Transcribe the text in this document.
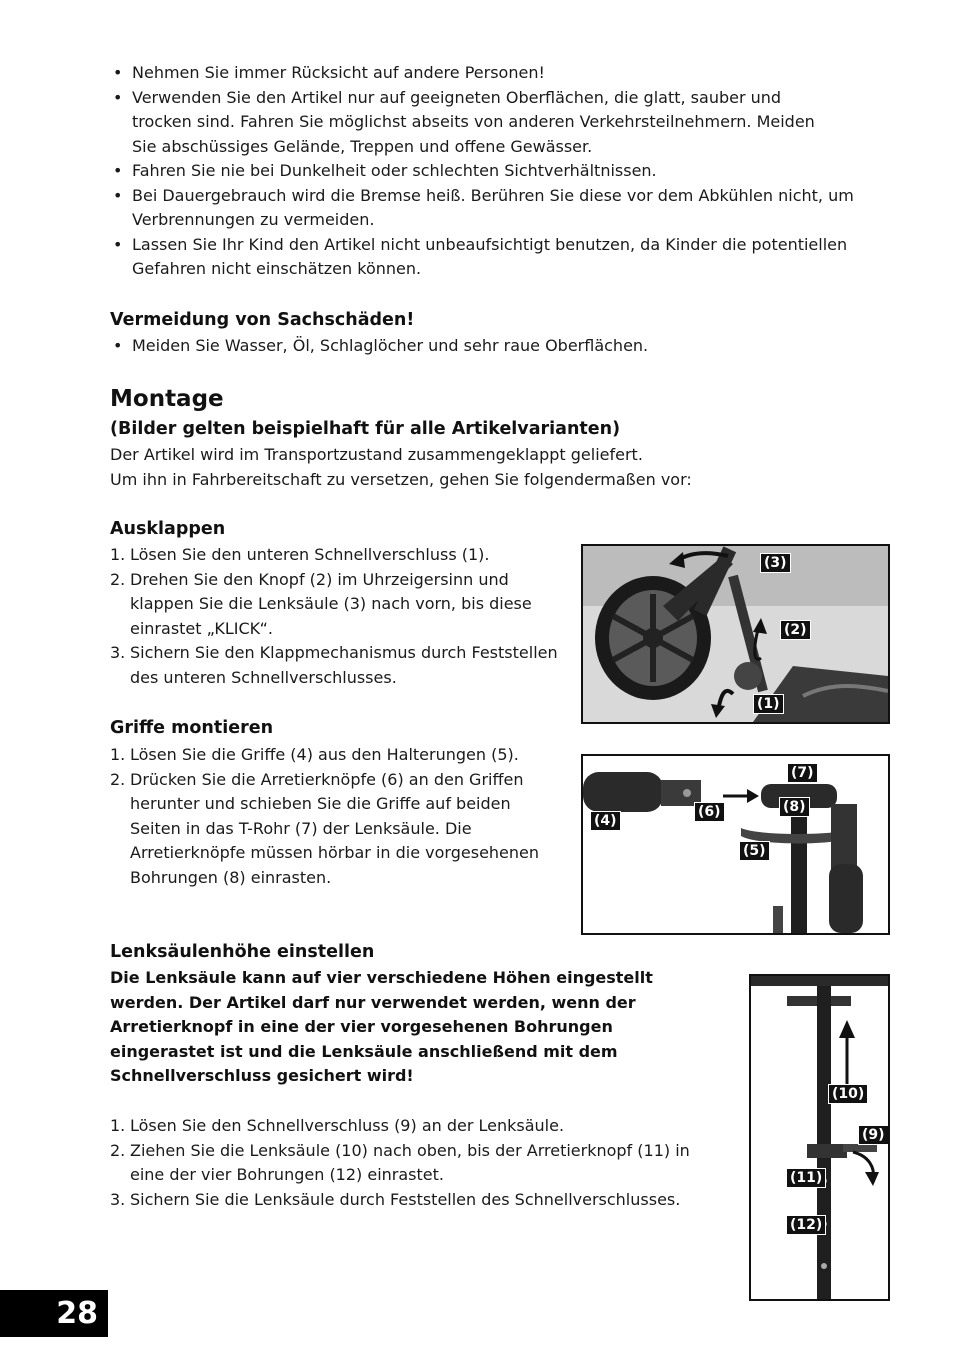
• Nehmen Sie immer Rücksicht auf andere Personen!
• Verwenden Sie den Artikel nur auf geeigneten Oberflächen, die glatt, sauber und trocken sind. Fahren Sie möglichst abseits von anderen Verkehrsteilnehmern. Meiden Sie abschüssiges Gelände, Treppen und offene Gewässer.
• Fahren Sie nie bei Dunkelheit oder schlechten Sichtverhältnissen.
• Bei Dauergebrauch wird die Bremse heiß. Berühren Sie diese vor dem Abkühlen nicht, um Verbrennungen zu vermeiden.
• Lassen Sie Ihr Kind den Artikel nicht unbeaufsichtigt benutzen, da Kinder die potentiellen Gefahren nicht einschätzen können.
Vermeidung von Sachschäden!
• Meiden Sie Wasser, Öl, Schlaglöcher und sehr raue Oberflächen.
Montage
(Bilder gelten beispielhaft für alle Artikelvarianten)
Der Artikel wird im Transportzustand zusammengeklappt geliefert.
Um ihn in Fahrbereitschaft zu versetzen, gehen Sie folgendermaßen vor:
Ausklappen
1. Lösen Sie den unteren Schnellverschluss (1).
2. Drehen Sie den Knopf (2) im Uhrzeigersinn und klappen Sie die Lenksäule (3) nach vorn, bis diese einrastet „KLICK“.
3. Sichern Sie den Klappmechanismus durch Feststellen des unteren Schnellverschlusses.
(3)
(2)
(1)
Griffe montieren
1. Lösen Sie die Griffe (4) aus den Halterungen (5).
2. Drücken Sie die Arretierknöpfe (6) an den Griffen herunter und schieben Sie die Griffe auf beiden Seiten in das T-Rohr (7) der Lenksäule. Die Arretierknöpfe müssen hörbar in die vorgesehenen Bohrungen (8) einrasten.
(7)
(4)
(6)	(8)
(5)
Lenksäulenhöhe einstellen
Die Lenksäule kann auf vier verschiedene Höhen eingestellt werden. Der Artikel darf nur verwendet werden, wenn der Arretierknopf in eine der vier vorgesehenen Bohrungen eingerastet ist und die Lenksäule anschließend mit dem Schnellverschluss gesichert wird!
1. Lösen Sie den Schnellverschluss (9) an der Lenksäule.
2. Ziehen Sie die Lenksäule (10) nach oben, bis der Arretierknopf (11) in eine der vier Bohrungen (12) einrastet.
3. Sichern Sie die Lenksäule durch Feststellen des Schnellverschlusses.
(10)
(9)
(11)
(12)
28
